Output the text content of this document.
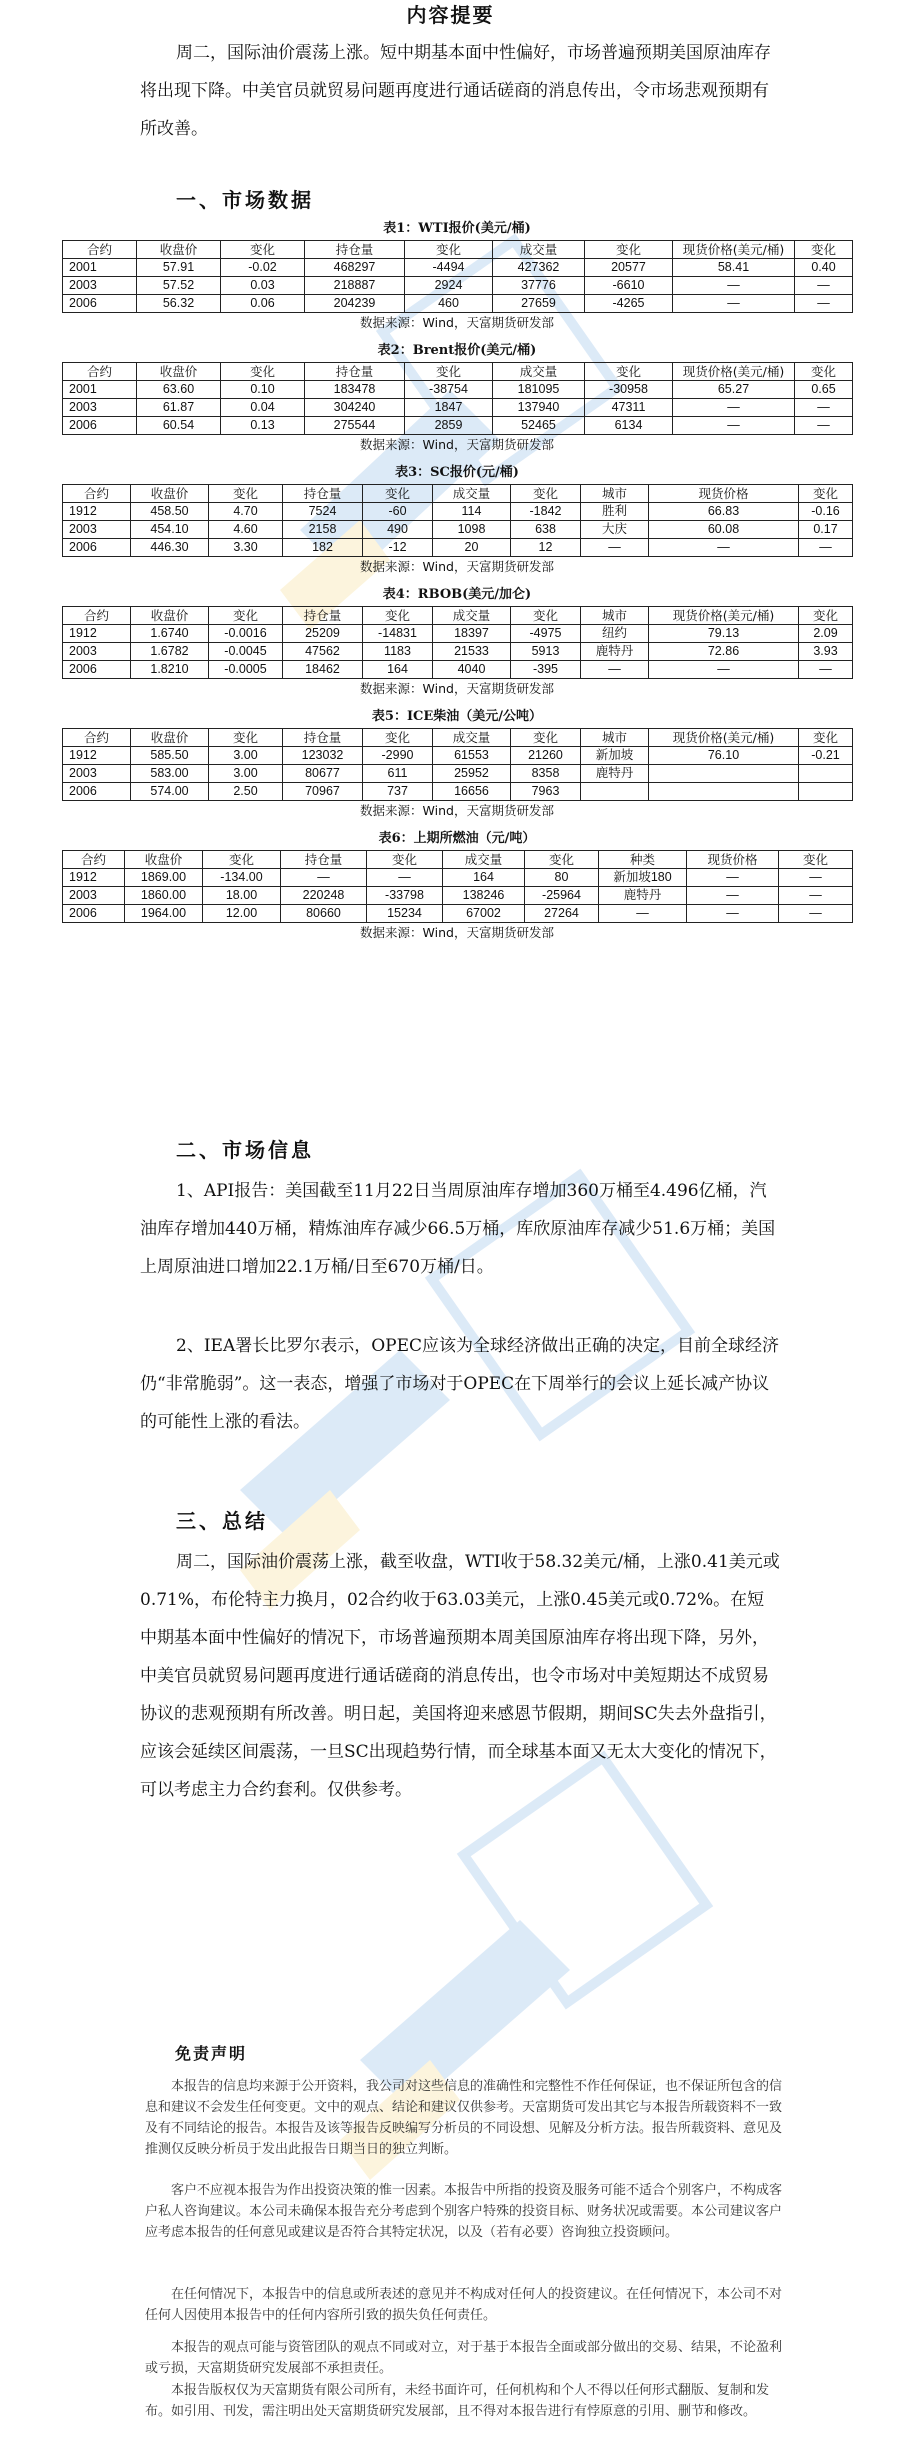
内容提要

周二，国际油价震荡上涨。短中期基本面中性偏好，市场普遍预期美国原油库存将出现下降。中美官员就贸易问题再度进行通话磋商的消息传出，令市场悲观预期有所改善。

一、市场数据
表1：WTI报价(美元/桶)
合约	收盘价	变化	持仓量	变化	成交量	变化	现货价格(美元/桶)	变化
2001	57.91	-0.02	468297	-4494	427362	20577	58.41	0.40
2003	57.52	0.03	218887	2924	37776	-6610	—	—
2006	56.32	0.06	204239	460	27659	-4265	—	—
数据来源：Wind，天富期货研发部
表2：Brent报价(美元/桶)
合约	收盘价	变化	持仓量	变化	成交量	变化	现货价格(美元/桶)	变化
2001	63.60	0.10	183478	-38754	181095	-30958	65.27	0.65
2003	61.87	0.04	304240	1847	137940	47311	—	—
2006	60.54	0.13	275544	2859	52465	6134	—	—
数据来源：Wind，天富期货研发部
表3：SC报价(元/桶)
合约	收盘价	变化	持仓量	变化	成交量	变化	城市	现货价格	变化
1912	458.50	4.70	7524	-60	114	-1842	胜利	66.83	-0.16
2003	454.10	4.60	2158	490	1098	638	大庆	60.08	0.17
2006	446.30	3.30	182	-12	20	12	—	—	—
数据来源：Wind，天富期货研发部
表4：RBOB(美元/加仑)
合约	收盘价	变化	持仓量	变化	成交量	变化	城市	现货价格(美元/桶)	变化
1912	1.6740	-0.0016	25209	-14831	18397	-4975	纽约	79.13	2.09
2003	1.6782	-0.0045	47562	1183	21533	5913	鹿特丹	72.86	3.93
2006	1.8210	-0.0005	18462	164	4040	-395	—	—	—
数据来源：Wind，天富期货研发部
表5：ICE柴油（美元/公吨）
合约	收盘价	变化	持仓量	变化	成交量	变化	城市	现货价格(美元/桶)	变化
1912	585.50	3.00	123032	-2990	61553	21260	新加坡	76.10	-0.21
2003	583.00	3.00	80677	611	25952	8358	鹿特丹		
2006	574.00	2.50	70967	737	16656	7963			
数据来源：Wind，天富期货研发部
表6：上期所燃油（元/吨）
合约	收盘价	变化	持仓量	变化	成交量	变化	种类	现货价格	变化
1912	1869.00	-134.00	—	—	164	80	新加坡180	—	—
2003	1860.00	18.00	220248	-33798	138246	-25964	鹿特丹	—	—
2006	1964.00	12.00	80660	15234	67002	27264	—	—	—
数据来源：Wind，天富期货研发部
二、市场信息

1、API报告：美国截至11月22日当周原油库存增加360万桶至4.496亿桶，汽油库存增加440万桶，精炼油库存减少66.5万桶，库欣原油库存减少51.6万桶；美国上周原油进口增加22.1万桶/日至670万桶/日。

2、IEA署长比罗尔表示，OPEC应该为全球经济做出正确的决定，目前全球经济仍“非常脆弱”。这一表态，增强了市场对于OPEC在下周举行的会议上延长减产协议的可能性上涨的看法。

三、总结

周二，国际油价震荡上涨，截至收盘，WTI收于58.32美元/桶，上涨0.41美元或0.71%，布伦特主力换月，02合约收于63.03美元，上涨0.45美元或0.72%。在短中期基本面中性偏好的情况下，市场普遍预期本周美国原油库存将出现下降，另外，中美官员就贸易问题再度进行通话磋商的消息传出，也令市场对中美短期达不成贸易协议的悲观预期有所改善。明日起，美国将迎来感恩节假期，期间SC失去外盘指引，应该会延续区间震荡，一旦SC出现趋势行情，而全球基本面又无太大变化的情况下，可以考虑主力合约套利。仅供参考。

免责声明

本报告的信息均来源于公开资料，我公司对这些信息的准确性和完整性不作任何保证，也不保证所包含的信息和建议不会发生任何变更。文中的观点、结论和建议仅供参考。天富期货可发出其它与本报告所载资料不一致及有不同结论的报告。本报告及该等报告反映编写分析员的不同设想、见解及分析方法。报告所载资料、意见及推测仅反映分析员于发出此报告日期当日的独立判断。

客户不应视本报告为作出投资决策的惟一因素。本报告中所指的投资及服务可能不适合个别客户，不构成客户私人咨询建议。本公司未确保本报告充分考虑到个别客户特殊的投资目标、财务状况或需要。本公司建议客户应考虑本报告的任何意见或建议是否符合其特定状况，以及（若有必要）咨询独立投资顾问。

在任何情况下，本报告中的信息或所表述的意见并不构成对任何人的投资建议。在任何情况下，本公司不对任何人因使用本报告中的任何内容所引致的损失负任何责任。

本报告的观点可能与资管团队的观点不同或对立，对于基于本报告全面或部分做出的交易、结果，不论盈利或亏损，天富期货研究发展部不承担责任。

本报告版权仅为天富期货有限公司所有，未经书面许可，任何机构和个人不得以任何形式翻版、复制和发布。如引用、刊发，需注明出处天富期货研究发展部，且不得对本报告进行有悖原意的引用、删节和修改。
